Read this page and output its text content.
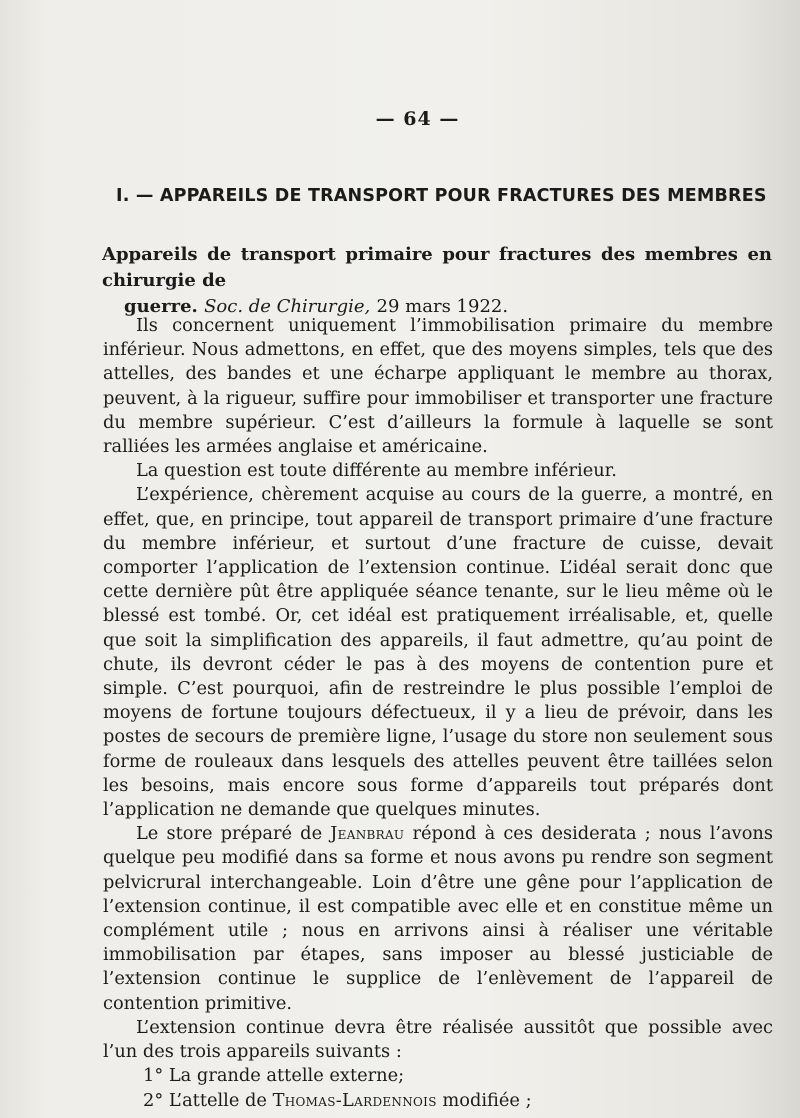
— 64 —
I. — APPAREILS DE TRANSPORT POUR FRACTURES DES MEMBRES
Appareils de transport primaire pour fractures des membres en chirurgie de
guerre. Soc. de Chirurgie, 29 mars 1922.

Ils concernent uniquement l’immobilisation primaire du membre inférieur. Nous admettons, en effet, que des moyens simples, tels que des attelles, des bandes et une écharpe appliquant le membre au thorax, peuvent, à la rigueur, suffire pour immobiliser et transporter une fracture du membre supérieur. C’est d’ailleurs la formule à laquelle se sont ralliées les armées anglaise et américaine.

La question est toute différente au membre inférieur.

L’expérience, chèrement acquise au cours de la guerre, a montré, en effet, que, en principe, tout appareil de transport primaire d’une fracture du membre inférieur, et surtout d’une fracture de cuisse, devait comporter l’application de l’extension continue. L’idéal serait donc que cette dernière pût être appliquée séance tenante, sur le lieu même où le blessé est tombé. Or, cet idéal est pratiquement irréalisable, et, quelle que soit la simplification des appareils, il faut admettre, qu’au point de chute, ils devront céder le pas à des moyens de contention pure et simple. C’est pourquoi, afin de restreindre le plus possible l’emploi de moyens de fortune toujours défectueux, il y a lieu de prévoir, dans les postes de secours de première ligne, l’usage du store non seulement sous forme de rouleaux dans lesquels des attelles peuvent être taillées selon les besoins, mais encore sous forme d’appareils tout préparés dont l’application ne demande que quelques minutes.

Le store préparé de Jeanbrau répond à ces desiderata ; nous l’avons quelque peu modifié dans sa forme et nous avons pu rendre son segment pelvicrural interchangeable. Loin d’être une gêne pour l’application de l’extension continue, il est compatible avec elle et en constitue même un complément utile ; nous en arrivons ainsi à réaliser une véritable immobilisation par étapes, sans imposer au blessé justiciable de l’extension continue le supplice de l’enlèvement de l’appareil de contention primitive.

L’extension continue devra être réalisée aussitôt que possible avec l’un des trois appareils suivants :

1° La grande attelle externe;

2° L’attelle de Thomas-Lardennois modifiée ;
